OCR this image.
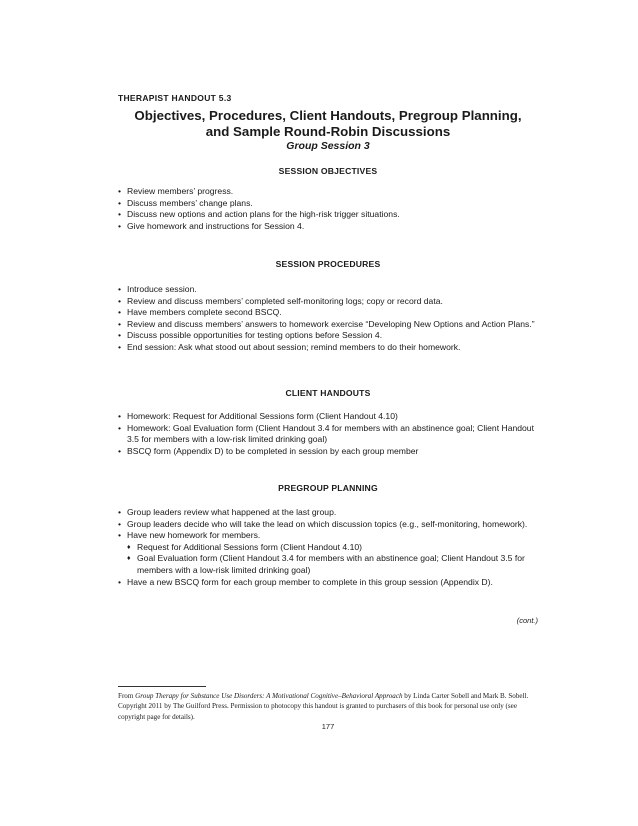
THERAPIST HANDOUT 5.3
Objectives, Procedures, Client Handouts, Pregroup Planning,
and Sample Round-Robin Discussions
Group Session 3
SESSION OBJECTIVES
• Review members’ progress.
• Discuss members’ change plans.
• Discuss new options and action plans for the high-risk trigger situations.
• Give homework and instructions for Session 4.
SESSION PROCEDURES
• Introduce session.
• Review and discuss members’ completed self-monitoring logs; copy or record data.
• Have members complete second BSCQ.
• Review and discuss members’ answers to homework exercise “Developing New Options and Action Plans.”
• Discuss possible opportunities for testing options before Session 4.
• End session: Ask what stood out about session; remind members to do their homework.
CLIENT HANDOUTS
• Homework: Request for Additional Sessions form (Client Handout 4.10)
• Homework: Goal Evaluation form (Client Handout 3.4 for members with an abstinence goal; Client Handout 3.5 for members with a low-risk limited drinking goal)
• BSCQ form (Appendix D) to be completed in session by each group member
PREGROUP PLANNING
• Group leaders review what happened at the last group.
• Group leaders decide who will take the lead on which discussion topics (e.g., self-monitoring, homework).
• Have new homework for members.
♦ Request for Additional Sessions form (Client Handout 4.10)
♦ Goal Evaluation form (Client Handout 3.4 for members with an abstinence goal; Client Handout 3.5 for members with a low-risk limited drinking goal)
• Have a new BSCQ form for each group member to complete in this group session (Appendix D).
(cont.)
From Group Therapy for Substance Use Disorders: A Motivational Cognitive–Behavioral Approach by Linda Carter Sobell and Mark B. Sobell. Copyright 2011 by The Guilford Press. Permission to photocopy this handout is granted to purchasers of this book for personal use only (see copyright page for details).
177
